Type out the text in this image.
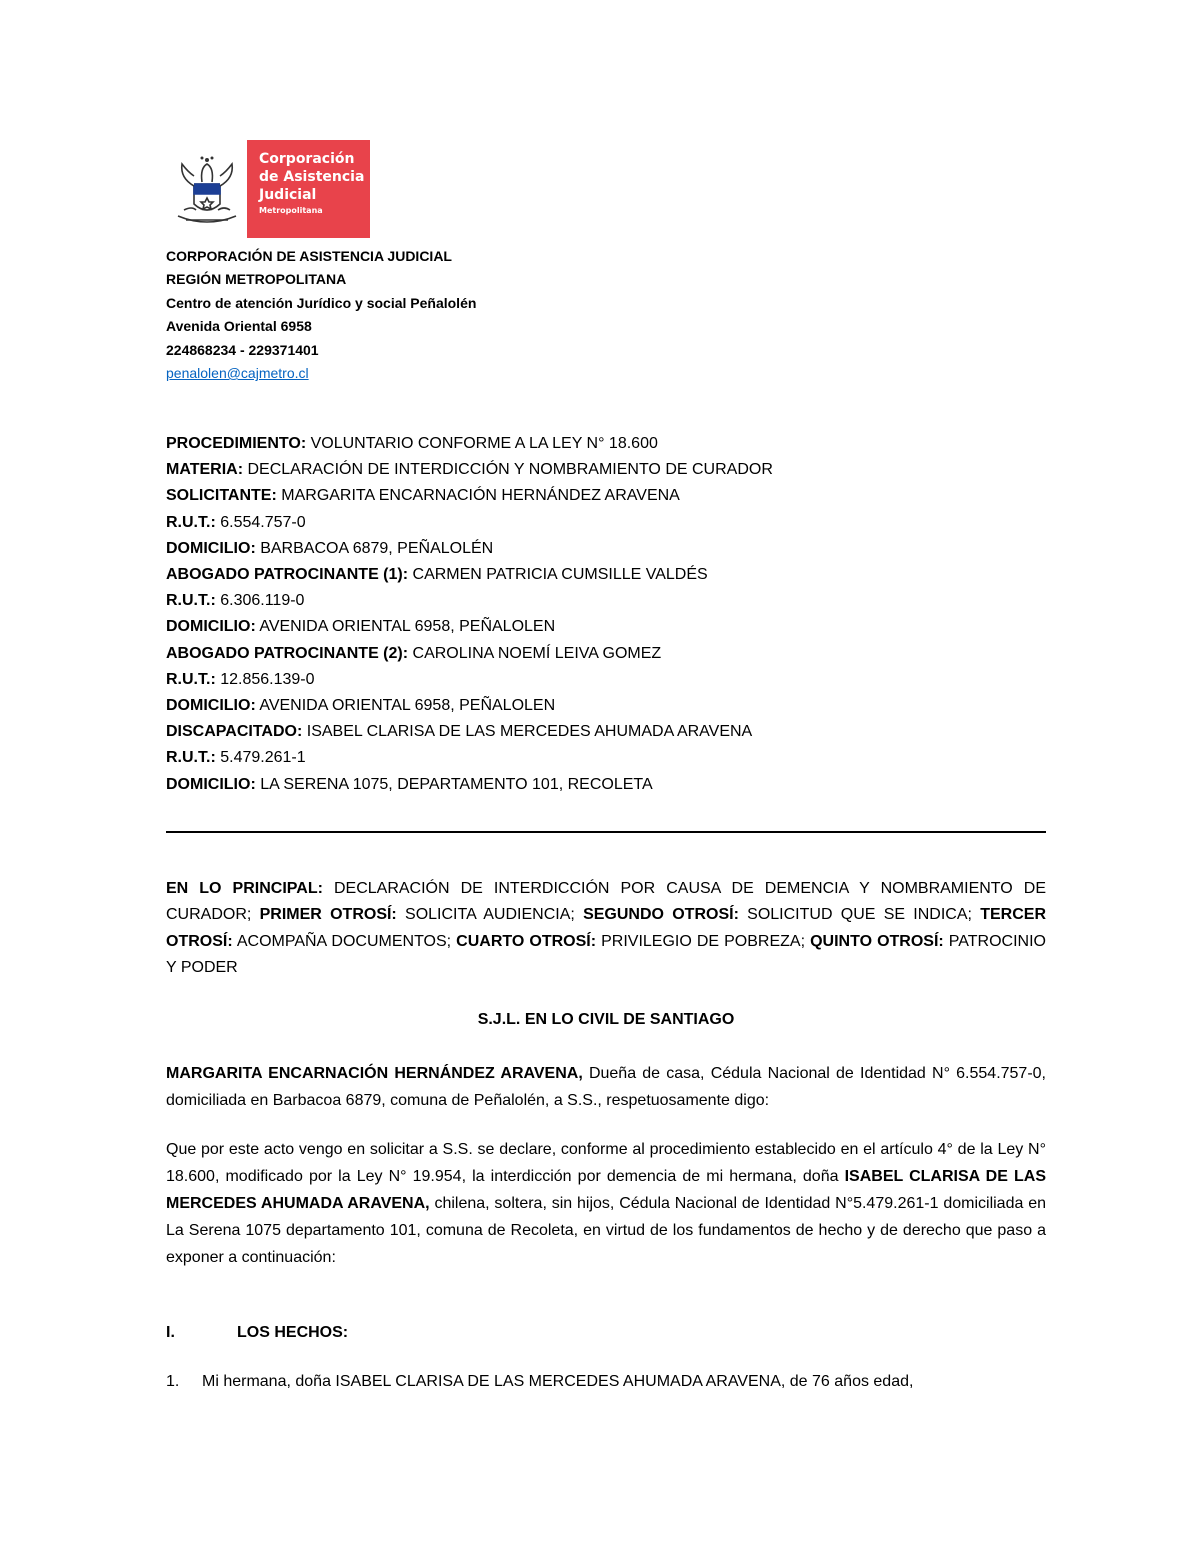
Corporación
de Asistencia
Judicial
Metropolitana
CORPORACIÓN DE ASISTENCIA JUDICIAL
REGIÓN METROPOLITANA
Centro de atención Jurídico y social Peñalolén
Avenida Oriental 6958
224868234 - 229371401
penalolen@cajmetro.cl
PROCEDIMIENTO: VOLUNTARIO CONFORME A LA LEY N° 18.600
MATERIA: DECLARACIÓN DE INTERDICCIÓN Y NOMBRAMIENTO DE CURADOR
SOLICITANTE: MARGARITA ENCARNACIÓN HERNÁNDEZ ARAVENA
R.U.T.: 6.554.757-0
DOMICILIO: BARBACOA 6879, PEÑALOLÉN
ABOGADO PATROCINANTE (1): CARMEN PATRICIA CUMSILLE VALDÉS
R.U.T.: 6.306.119-0
DOMICILIO: AVENIDA ORIENTAL 6958, PEÑALOLEN
ABOGADO PATROCINANTE (2): CAROLINA NOEMÍ LEIVA GOMEZ
R.U.T.: 12.856.139-0
DOMICILIO: AVENIDA ORIENTAL 6958, PEÑALOLEN
DISCAPACITADO: ISABEL CLARISA DE LAS MERCEDES AHUMADA ARAVENA
R.U.T.: 5.479.261-1
DOMICILIO: LA SERENA 1075, DEPARTAMENTO 101, RECOLETA
EN LO PRINCIPAL: DECLARACIÓN DE INTERDICCIÓN POR CAUSA DE DEMENCIA Y NOMBRAMIENTO DE CURADOR; PRIMER OTROSÍ: SOLICITA AUDIENCIA; SEGUNDO OTROSÍ: SOLICITUD QUE SE INDICA; TERCER OTROSÍ: ACOMPAÑA DOCUMENTOS; CUARTO OTROSÍ: PRIVILEGIO DE POBREZA; QUINTO OTROSÍ: PATROCINIO Y PODER
S.J.L. EN LO CIVIL DE SANTIAGO
MARGARITA ENCARNACIÓN HERNÁNDEZ ARAVENA, Dueña de casa, Cédula Nacional de Identidad N° 6.554.757-0, domiciliada en Barbacoa 6879, comuna de Peñalolén, a S.S., respetuosamente digo:
Que por este acto vengo en solicitar a S.S. se declare, conforme al procedimiento establecido en el artículo 4° de la Ley N° 18.600, modificado por la Ley N° 19.954, la interdicción por demencia de mi hermana, doña ISABEL CLARISA DE LAS MERCEDES AHUMADA ARAVENA, chilena, soltera, sin hijos, Cédula Nacional de Identidad N°5.479.261-1 domiciliada en La Serena 1075 departamento 101, comuna de Recoleta, en virtud de los fundamentos de hecho y de derecho que paso a exponer a continuación:
I.	LOS HECHOS:
1. Mi hermana, doña ISABEL CLARISA DE LAS MERCEDES AHUMADA ARAVENA, de 76 años edad,
